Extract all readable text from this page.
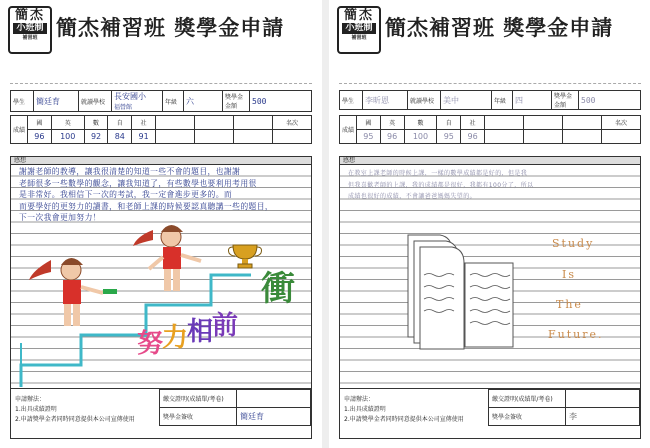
簡杰
小班制
補習班 簡杰補習班 獎學金申請
學生	簡廷育	就讀學校	長安國小
福營館	年級	六	獎學金金額	500
成績	國	英	數	自	社				名次
	96	100	92	84	91				
感想
謝謝老師的教導，讓我很清楚的知道一些不會的題目，也謝謝
老師很多一些數學的觀念，讓我知道了，有些數學也要利用考用很
是非常好。我相信下一次的考試，我一定會進步更多的。而
而要學好的更努力的讀書，和老師上課的時候要認真聽講一些的題目，
下一次我會更加努力！
努力相前
衝
申請辦法：
1.出具成績證明
2.申請獎學金者同時同意提供本公司宣傳使用
繳交證明(成績單/考卷)	
獎學金簽收	簡廷育
簡杰
小班制
補習班 簡杰補習班 獎學金申請
學生	李昕恩	就讀學校	美中	年級	四	獎學金金額	500
成績	國	英	數	自	社				名次
	95	96	100	95	96				
感想
在教室上課老師的時候上課，一樣的數學成績都是好的，但是我
但我喜歡老師的上課，我的成績都是很好，我都有100分了，所以
成績也很好的成績，不會讓爸爸媽媽失望的。
Study
Is
The
Future.
申請辦法：
1.出具成績證明
2.申請獎學金者同時同意提供本公司宣傳使用
繳交證明(成績單/考卷)	
獎學金簽收	李
